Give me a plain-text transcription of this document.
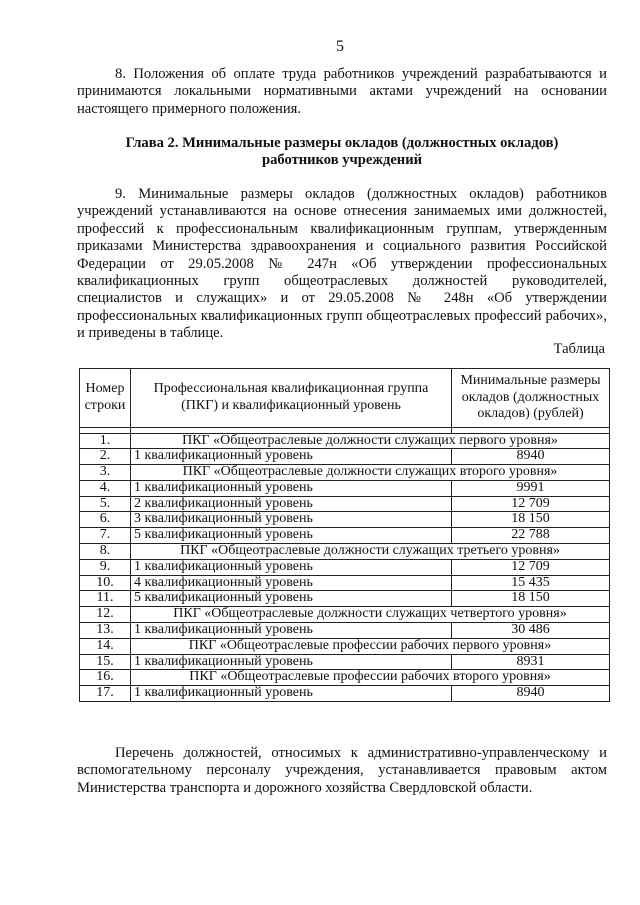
5

8. Положения об оплате труда работников учреждений разрабатываются и принимаются локальными нормативными актами учреждений на основании настоящего примерного положения.

Глава 2. Минимальные размеры окладов (должностных окладов)
работников учреждений

9. Минимальные размеры окладов (должностных окладов) работников учреждений устанавливаются на основе отнесения занимаемых ими должностей, профессий к профессиональным квалификационным группам, утвержденным приказами Министерства здравоохранения и социального развития Российской Федерации от 29.05.2008 № 247н «Об утверждении профессиональных квалификационных групп общеотраслевых должностей руководителей, специалистов и служащих» и от 29.05.2008 № 248н «Об утверждении профессиональных квалификационных групп общеотраслевых профессий рабочих», и приведены в таблице.

Таблица
Номер строки	Профессиональная квалификационная группа (ПКГ) и квалификационный уровень	Минимальные размеры окладов (должностных окладов) (рублей)

1.	ПКГ «Общеотраслевые должности служащих первого уровня»	
2.	1 квалификационный уровень	8940
3.	ПКГ «Общеотраслевые должности служащих второго уровня»	
4.	1 квалификационный уровень	9991
5.	2 квалификационный уровень	12 709
6.	3 квалификационный уровень	18 150
7.	5 квалификационный уровень	22 788
8.	ПКГ «Общеотраслевые должности служащих третьего уровня»	
9.	1 квалификационный уровень	12 709
10.	4 квалификационный уровень	15 435
11.	5 квалификационный уровень	18 150
12.	ПКГ «Общеотраслевые должности служащих четвертого уровня»	
13.	1 квалификационный уровень	30 486
14.	ПКГ «Общеотраслевые профессии рабочих первого уровня»	
15.	1 квалификационный уровень	8931
16.	ПКГ «Общеотраслевые профессии рабочих второго уровня»	
17.	1 квалификационный уровень	8940

Перечень должностей, относимых к административно-управленческому и вспомогательному персоналу учреждения, устанавливается правовым актом Министерства транспорта и дорожного хозяйства Свердловской области.
